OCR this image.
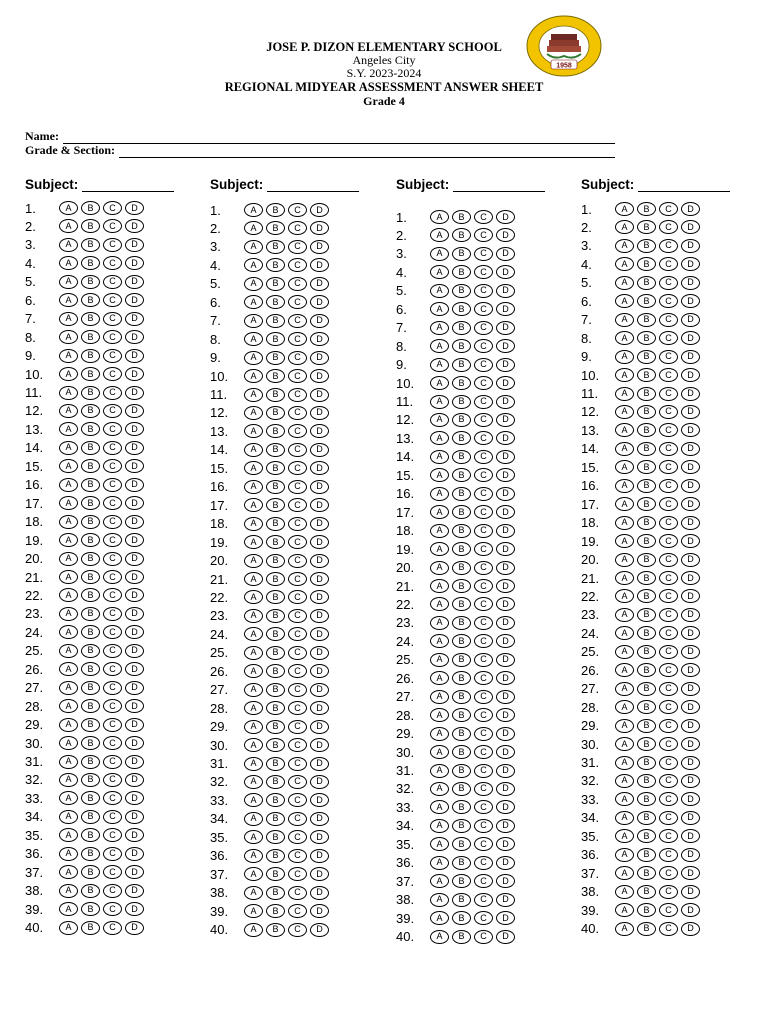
JOSE P. DIZON ELEMENTARY SCHOOL
Angeles City
S.Y. 2023-2024
REGIONAL MIDYEAR ASSESSMENT ANSWER SHEET
Grade 4
1958
Name:
Grade & Section:
Subject:
1.	A	B	C	D
2.	A	B	C	D
3.	A	B	C	D
4.	A	B	C	D
5.	A	B	C	D
6.	A	B	C	D
7.	A	B	C	D
8.	A	B	C	D
9.	A	B	C	D
10.	A	B	C	D
11.	A	B	C	D
12.	A	B	C	D
13.	A	B	C	D
14.	A	B	C	D
15.	A	B	C	D
16.	A	B	C	D
17.	A	B	C	D
18.	A	B	C	D
19.	A	B	C	D
20.	A	B	C	D
21.	A	B	C	D
22.	A	B	C	D
23.	A	B	C	D
24.	A	B	C	D
25.	A	B	C	D
26.	A	B	C	D
27.	A	B	C	D
28.	A	B	C	D
29.	A	B	C	D
30.	A	B	C	D
31.	A	B	C	D
32.	A	B	C	D
33.	A	B	C	D
34.	A	B	C	D
35.	A	B	C	D
36.	A	B	C	D
37.	A	B	C	D
38.	A	B	C	D
39.	A	B	C	D
40.	A	B	C	D
Subject:
1.	A	B	C	D
2.	A	B	C	D
3.	A	B	C	D
4.	A	B	C	D
5.	A	B	C	D
6.	A	B	C	D
7.	A	B	C	D
8.	A	B	C	D
9.	A	B	C	D
10.	A	B	C	D
11.	A	B	C	D
12.	A	B	C	D
13.	A	B	C	D
14.	A	B	C	D
15.	A	B	C	D
16.	A	B	C	D
17.	A	B	C	D
18.	A	B	C	D
19.	A	B	C	D
20.	A	B	C	D
21.	A	B	C	D
22.	A	B	C	D
23.	A	B	C	D
24.	A	B	C	D
25.	A	B	C	D
26.	A	B	C	D
27.	A	B	C	D
28.	A	B	C	D
29.	A	B	C	D
30.	A	B	C	D
31.	A	B	C	D
32.	A	B	C	D
33.	A	B	C	D
34.	A	B	C	D
35.	A	B	C	D
36.	A	B	C	D
37.	A	B	C	D
38.	A	B	C	D
39.	A	B	C	D
40.	A	B	C	D
Subject:
1.	A	B	C	D
2.	A	B	C	D
3.	A	B	C	D
4.	A	B	C	D
5.	A	B	C	D
6.	A	B	C	D
7.	A	B	C	D
8.	A	B	C	D
9.	A	B	C	D
10.	A	B	C	D
11.	A	B	C	D
12.	A	B	C	D
13.	A	B	C	D
14.	A	B	C	D
15.	A	B	C	D
16.	A	B	C	D
17.	A	B	C	D
18.	A	B	C	D
19.	A	B	C	D
20.	A	B	C	D
21.	A	B	C	D
22.	A	B	C	D
23.	A	B	C	D
24.	A	B	C	D
25.	A	B	C	D
26.	A	B	C	D
27.	A	B	C	D
28.	A	B	C	D
29.	A	B	C	D
30.	A	B	C	D
31.	A	B	C	D
32.	A	B	C	D
33.	A	B	C	D
34.	A	B	C	D
35.	A	B	C	D
36.	A	B	C	D
37.	A	B	C	D
38.	A	B	C	D
39.	A	B	C	D
40.	A	B	C	D
Subject:
1.	A	B	C	D
2.	A	B	C	D
3.	A	B	C	D
4.	A	B	C	D
5.	A	B	C	D
6.	A	B	C	D
7.	A	B	C	D
8.	A	B	C	D
9.	A	B	C	D
10.	A	B	C	D
11.	A	B	C	D
12.	A	B	C	D
13.	A	B	C	D
14.	A	B	C	D
15.	A	B	C	D
16.	A	B	C	D
17.	A	B	C	D
18.	A	B	C	D
19.	A	B	C	D
20.	A	B	C	D
21.	A	B	C	D
22.	A	B	C	D
23.	A	B	C	D
24.	A	B	C	D
25.	A	B	C	D
26.	A	B	C	D
27.	A	B	C	D
28.	A	B	C	D
29.	A	B	C	D
30.	A	B	C	D
31.	A	B	C	D
32.	A	B	C	D
33.	A	B	C	D
34.	A	B	C	D
35.	A	B	C	D
36.	A	B	C	D
37.	A	B	C	D
38.	A	B	C	D
39.	A	B	C	D
40.	A	B	C	D
